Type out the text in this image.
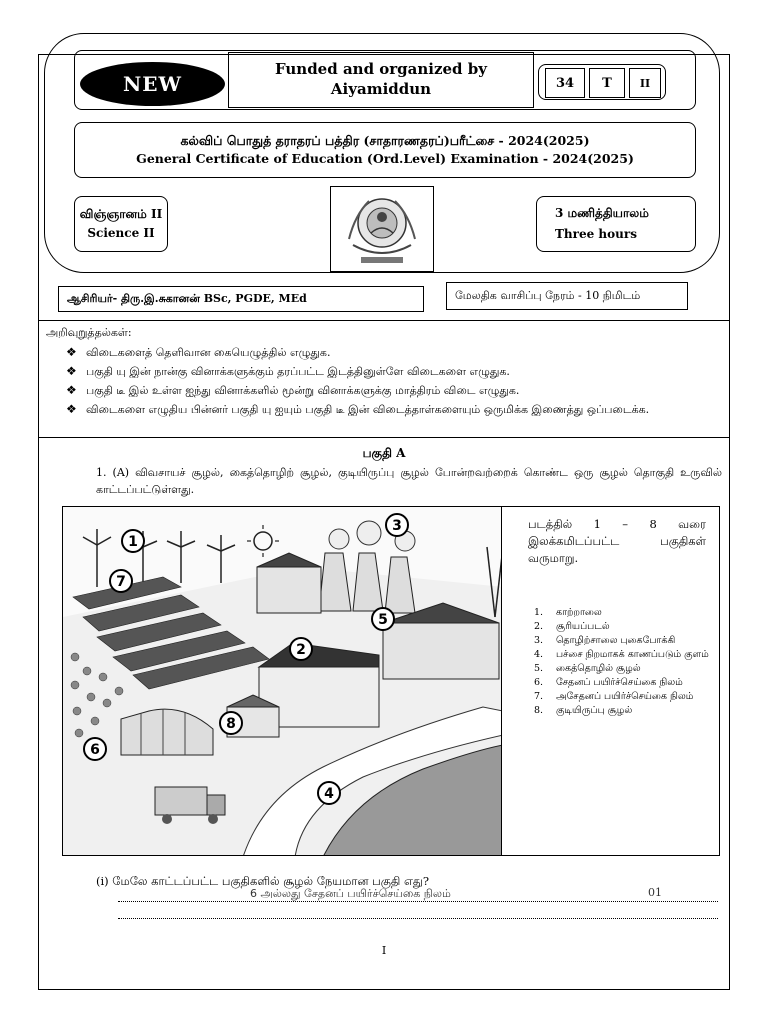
NEW
Funded and organized by
Aiyamiddun	34	T	II
கல்விப் பொதுத் தராதரப் பத்திர (சாதாரணதரப்)பரீட்சை - 2024(2025)
General Certificate of Education (Ord.Level) Examination - 2024(2025)
விஞ்ஞானம் II
Science II
3 மணித்தியாலம்
Three hours
ஆசிரியர்- திரு.இ.சுகானன் BSc, PGDE, MEd	மேலதிக வாசிப்பு நேரம் - 10 நிமிடம்
அறிவுறுத்தல்கள்:
❖ விடைகளைத் தெளிவான கையெழுத்தில் எழுதுக.
❖ பகுதி யு இன் நான்கு வினாக்களுக்கும் தரப்பட்ட இடத்தினுள்ளே விடைகளை எழுதுக.
❖ பகுதி டீ இல் உள்ள ஐந்து வினாக்களில் மூன்று வினாக்களுக்கு மாத்திரம் விடை எழுதுக.
❖ விடைகளை எழுதிய பின்னர் பகுதி யு ஐயும் பகுதி டீ இன் விடைத்தாள்களையும் ஒருமிக்க இணைத்து ஒப்படைக்க.
பகுதி A
1. (A) விவசாயச் சூழல், கைத்தொழிற் சூழல், குடியிருப்பு சூழல் போன்றவற்றைக் கொண்ட ஒரு சூழல் தொகுதி உருவில் காட்டப்பட்டுள்ளது.
1
2
3
4
5
6
7
8
படத்தில் 1 – 8 வரை இலக்கமிடப்பட்ட பகுதிகள் வருமாறு.
1. காற்றாலை
2. சூரியப்படல்
3. தொழிற்சாலை புகைபோக்கி
4. பச்சை நிறமாகக் காணப்படும் குளம்
5. கைத்தொழில் சூழல்
6. சேதனப் பயிர்ச்செய்கை நிலம்
7. அசேதனப் பயிர்ச்செய்கை நிலம்
8. குடியிருப்பு சூழல்
(i) மேலே காட்டப்பட்ட பகுதிகளில் சூழல் நேயமான பகுதி எது?
6 அல்லது சேதனப் பயிர்ச்செய்கை நிலம்	01
I
